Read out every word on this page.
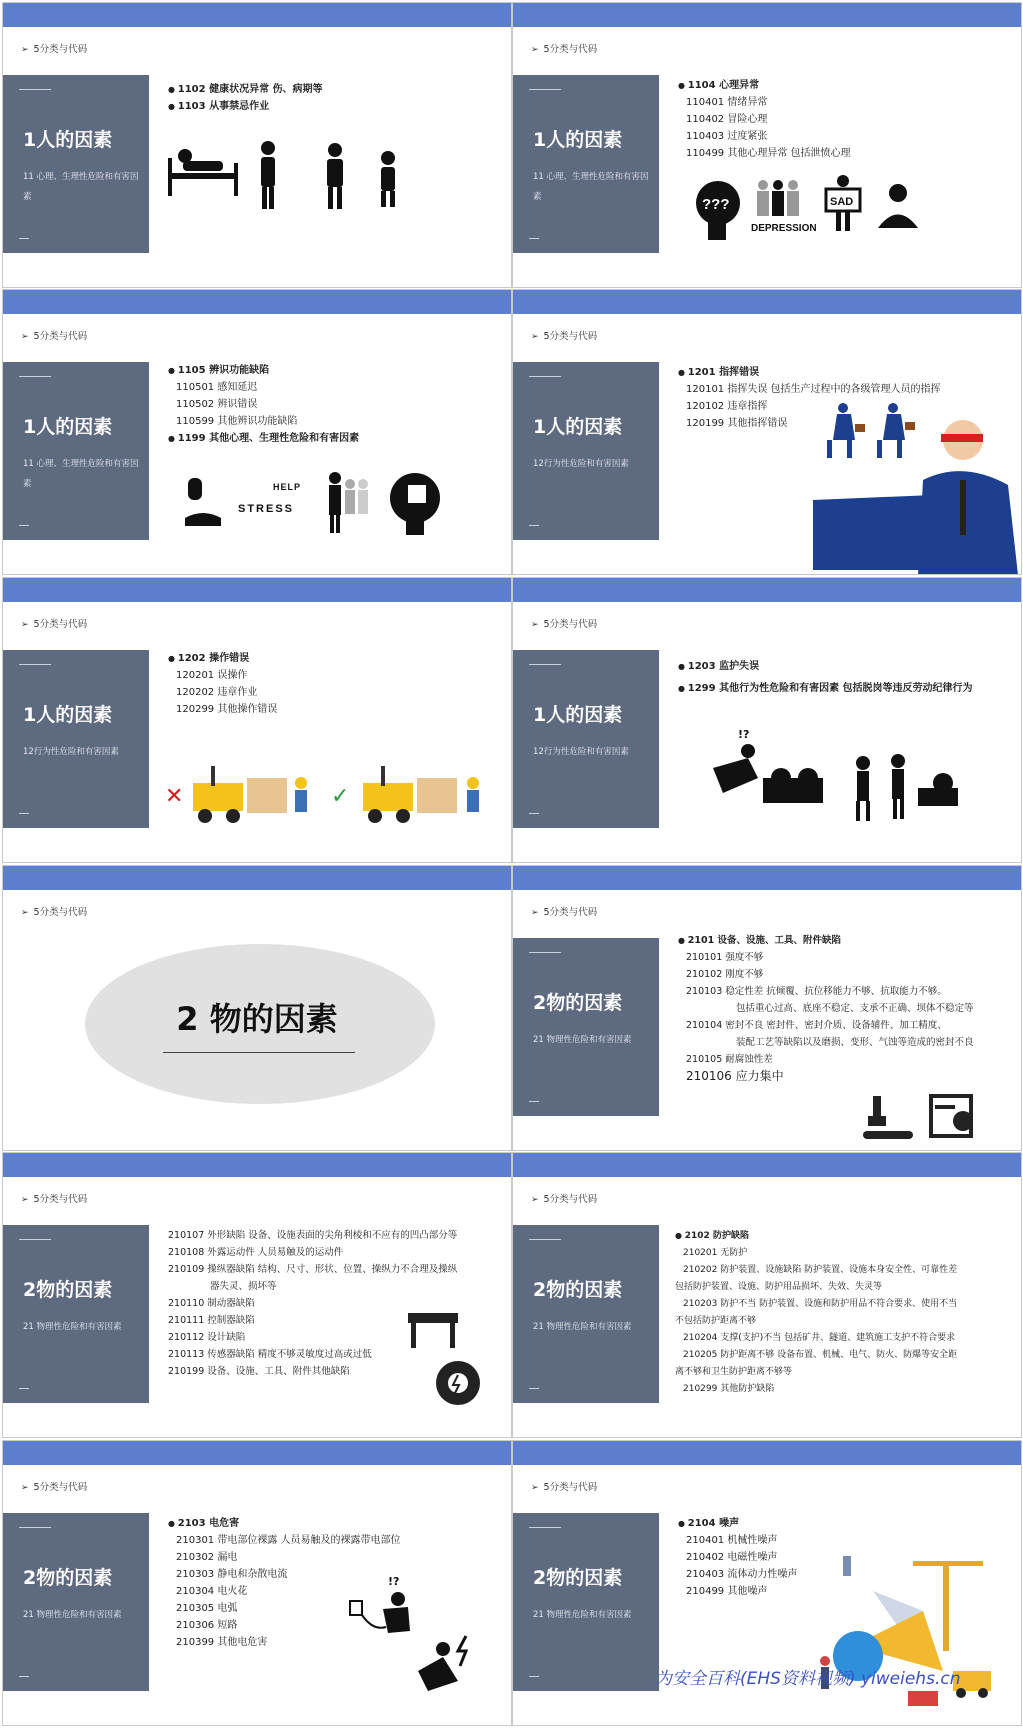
➢ 5分类与代码
1人的因素
11 心理、生理性危险和有害因素
● 1102 健康状况异常 伤、病期等
● 1103 从事禁忌作业
➢ 5分类与代码
1人的因素
11 心理、生理性危险和有害因素
● 1104 心理异常
110401 情绪异常
110402 冒险心理
110403 过度紧张
110499 其他心理异常 包括泄愤心理
???
DEPRESSION
SAD
➢ 5分类与代码
1人的因素
11 心理、生理性危险和有害因素
● 1105 辨识功能缺陷
110501 感知延迟
110502 辨识错误
110599 其他辨识功能缺陷
● 1199 其他心理、生理性危险和有害因素
STRESS
HELP
➢ 5分类与代码
1人的因素
12行为性危险和有害因素
● 1201 指挥错误
120101 指挥失误 包括生产过程中的各级管理人员的指挥
120102 违章指挥
120199 其他指挥错误
➢ 5分类与代码
1人的因素
12行为性危险和有害因素
● 1202 操作错误
120201 误操作
120202 违章作业
120299 其他操作错误
✕	✓
➢ 5分类与代码
1人的因素
12行为性危险和有害因素
● 1203 监护失误
● 1299 其他行为性危险和有害因素 包括脱岗等违反劳动纪律行为
!?
➢ 5分类与代码
2 物的因素
➢ 5分类与代码
2物的因素
21 物理性危险和有害因素
● 2101 设备、设施、工具、附件缺陷
210101 强度不够
210102 刚度不够
210103 稳定性差 抗倾覆、抗位移能力不够、抗取能力不够。
包括重心过高、底座不稳定、支承不正确、坝体不稳定等
210104 密封不良 密封件、密封介质、设备辅件、加工精度、
装配工艺等缺陷以及磨损、变形、气蚀等造成的密封不良
210105 耐腐蚀性差
210106 应力集中
➢ 5分类与代码
2物的因素
21 物理性危险和有害因素
210107 外形缺陷 设备、设施表面的尖角利棱和不应有的凹凸部分等
210108 外露运动件 人员易触及的运动件
210109 操纵器缺陷 结构、尺寸、形状、位置、操纵力不合理及操纵
器失灵、损坏等
210110 制动器缺陷
210111 控制器缺陷
210112 设计缺陷
210113 传感器缺陷 精度不够灵敏度过高或过低
210199 设备、设施、工具、附件其他缺陷
➢ 5分类与代码
2物的因素
21 物理性危险和有害因素
● 2102 防护缺陷
210201 无防护
210202 防护装置、设施缺陷 防护装置、设施本身安全性、可靠性差
包括防护装置、设施、防护用品损坏、失效、失灵等
210203 防护不当 防护装置、设施和防护用品不符合要求、使用不当
不包括防护距离不够
210204 支撑(支护)不当 包括矿井、隧道、建筑施工支护不符合要求
210205 防护距离不够 设备布置、机械、电气、防火、防爆等安全距
离不够和卫生防护距离不够等
210299 其他防护缺陷
➢ 5分类与代码
2物的因素
21 物理性危险和有害因素
● 2103 电危害
210301 带电部位裸露 人员易触及的裸露带电部位
210302 漏电
210303 静电和杂散电流
210304 电火花
210305 电弧
210306 短路
210399 其他电危害
!?
➢ 5分类与代码
2物的因素
21 物理性危险和有害因素
● 2104 噪声
210401 机械性噪声
210402 电磁性噪声
210403 流体动力性噪声
210499 其他噪声
为安全百科(EHS资料视频) yiweiehs.cn
